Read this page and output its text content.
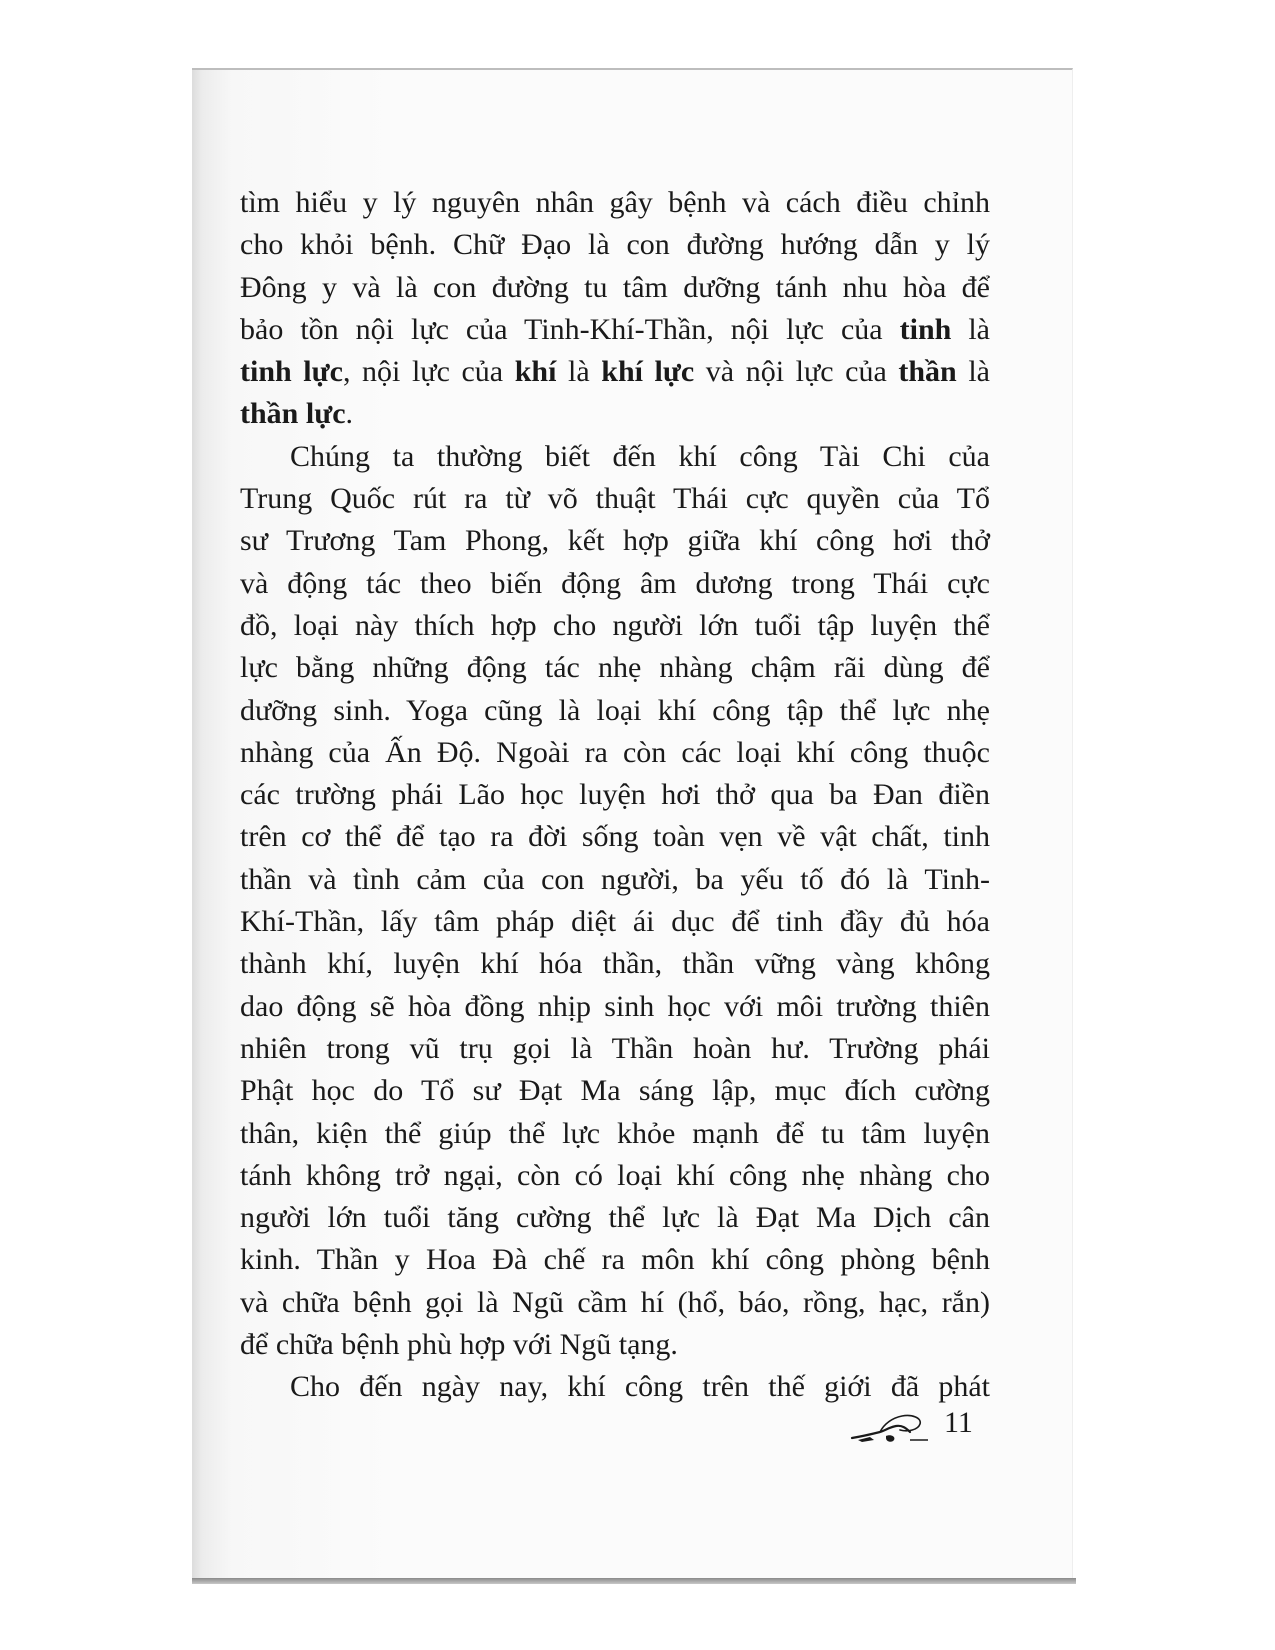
tìm hiểu y lý nguyên nhân gây bệnh và cách điều chỉnh

cho khỏi bệnh. Chữ Đạo là con đường hướng dẫn y lý

Đông y và là con đường tu tâm dưỡng tánh nhu hòa để

bảo tồn nội lực của Tinh-Khí-Thần, nội lực của tinh là

tinh lực, nội lực của khí là khí lực và nội lực của thần là

thần lực.

Chúng ta thường biết đến khí công Tài Chi của

Trung Quốc rút ra từ võ thuật Thái cực quyền của Tổ

sư Trương Tam Phong, kết hợp giữa khí công hơi thở

và động tác theo biến động âm dương trong Thái cực

đồ, loại này thích hợp cho người lớn tuổi tập luyện thể

lực bằng những động tác nhẹ nhàng chậm rãi dùng để

dưỡng sinh. Yoga cũng là loại khí công tập thể lực nhẹ

nhàng của Ấn Độ. Ngoài ra còn các loại khí công thuộc

các trường phái Lão học luyện hơi thở qua ba Đan điền

trên cơ thể để tạo ra đời sống toàn vẹn về vật chất, tinh

thần và tình cảm của con người, ba yếu tố đó là Tinh-

Khí-Thần, lấy tâm pháp diệt ái dục để tinh đầy đủ hóa

thành khí, luyện khí hóa thần, thần vững vàng không

dao động sẽ hòa đồng nhịp sinh học với môi trường thiên

nhiên trong vũ trụ gọi là Thần hoàn hư. Trường phái

Phật học do Tổ sư Đạt Ma sáng lập, mục đích cường

thân, kiện thể giúp thể lực khỏe mạnh để tu tâm luyện

tánh không trở ngại, còn có loại khí công nhẹ nhàng cho

người lớn tuổi tăng cường thể lực là Đạt Ma Dịch cân

kinh. Thần y Hoa Đà chế ra môn khí công phòng bệnh

và chữa bệnh gọi là Ngũ cầm hí (hổ, báo, rồng, hạc, rắn)

để chữa bệnh phù hợp với Ngũ tạng.

Cho đến ngày nay, khí công trên thế giới đã phát

11
